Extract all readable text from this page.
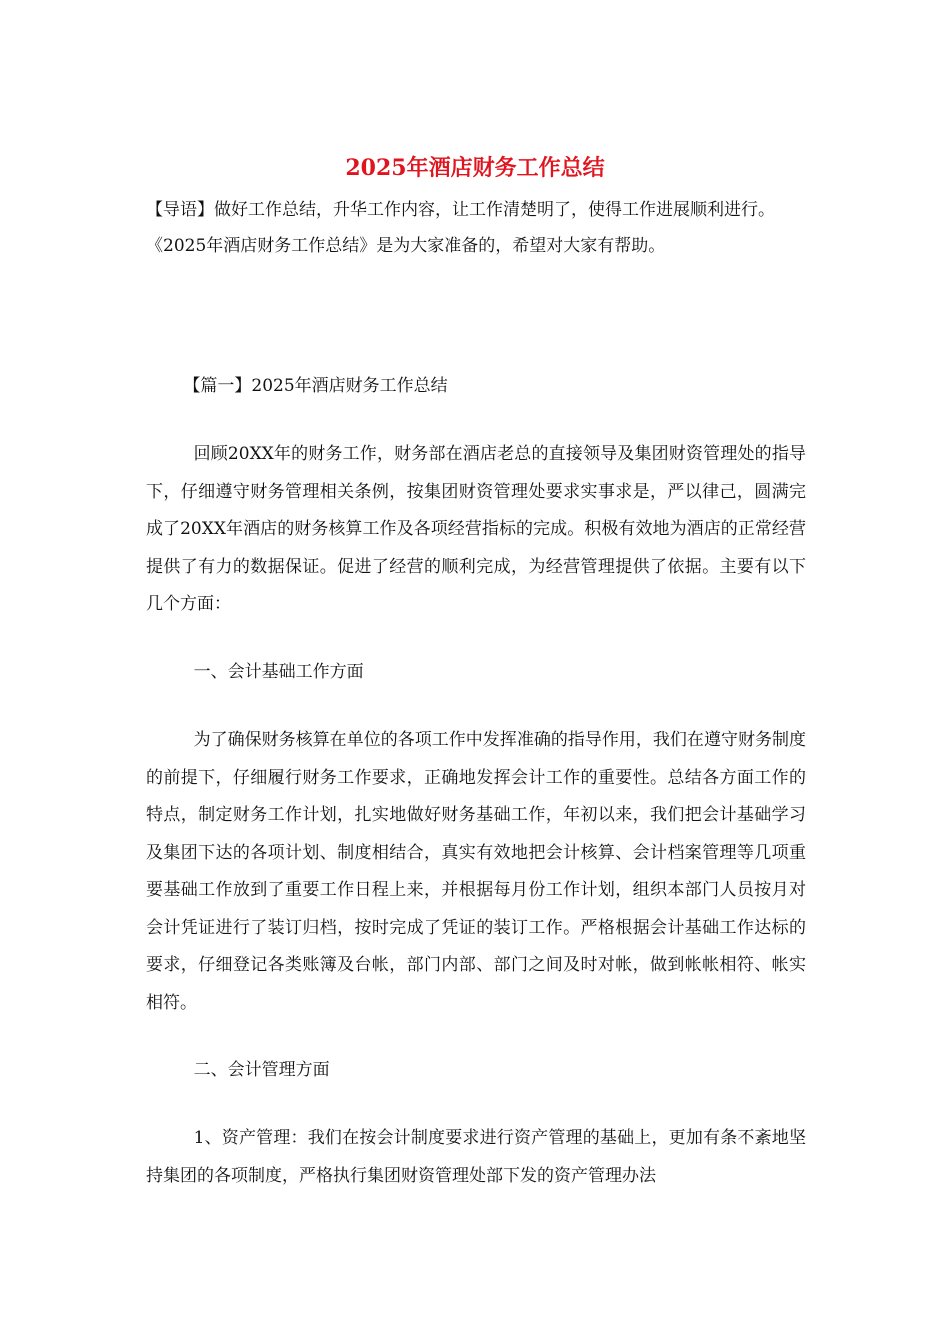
2025年酒店财务工作总结

【导语】做好工作总结，升华工作内容，让工作清楚明了，使得工作进展顺利进行。《2025年酒店财务工作总结》是为大家准备的，希望对大家有帮助。

【篇一】2025年酒店财务工作总结

回顾20XX年的财务工作，财务部在酒店老总的直接领导及集团财资管理处的指导下，仔细遵守财务管理相关条例，按集团财资管理处要求实事求是，严以律己，圆满完成了20XX年酒店的财务核算工作及各项经营指标的完成。积极有效地为酒店的正常经营提供了有力的数据保证。促进了经营的顺利完成，为经营管理提供了依据。主要有以下几个方面：

一、会计基础工作方面

为了确保财务核算在单位的各项工作中发挥准确的指导作用，我们在遵守财务制度的前提下，仔细履行财务工作要求，正确地发挥会计工作的重要性。总结各方面工作的特点，制定财务工作计划，扎实地做好财务基础工作，年初以来，我们把会计基础学习及集团下达的各项计划、制度相结合，真实有效地把会计核算、会计档案管理等几项重要基础工作放到了重要工作日程上来，并根据每月份工作计划，组织本部门人员按月对会计凭证进行了装订归档，按时完成了凭证的装订工作。严格根据会计基础工作达标的要求，仔细登记各类账簿及台帐，部门内部、部门之间及时对帐，做到帐帐相符、帐实相符。

二、会计管理方面

1、资产管理：我们在按会计制度要求进行资产管理的基础上，更加有条不紊地坚持集团的各项制度，严格执行集团财资管理处部下发的资产管理办法
